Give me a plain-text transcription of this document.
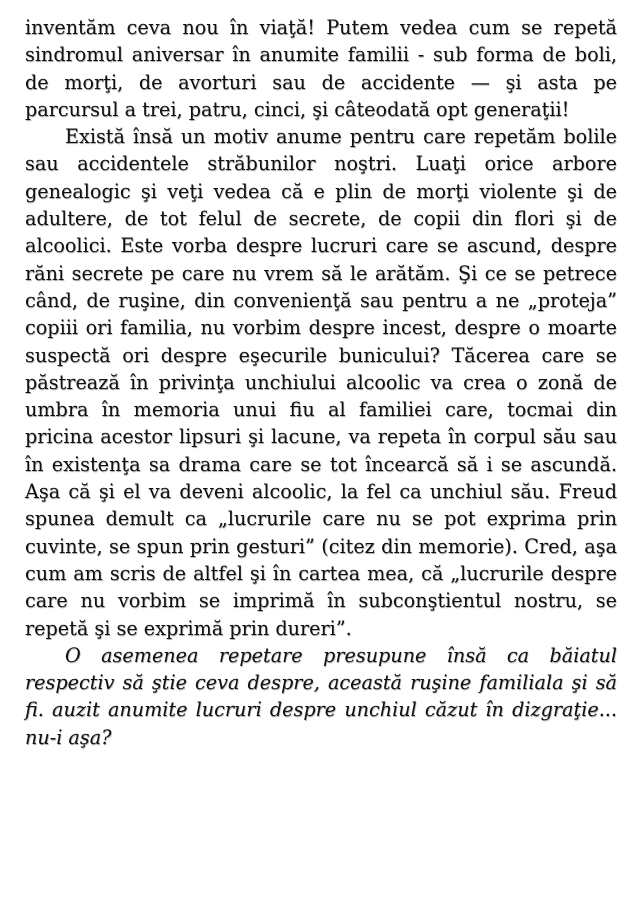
inventăm ceva nou în viaţă! Putem vedea cum se repetă sindromul aniversar în anumite familii - sub forma de boli, de morţi, de avorturi sau de accidente — şi asta pe parcursul a trei, patru, cinci, şi câteodată opt generaţii!

Există însă un motiv anume pentru care repetăm bolile sau accidentele străbunilor noştri. Luaţi orice arbore genealogic şi veţi vedea că e plin de morţi violente şi de adultere, de tot felul de secrete, de copii din flori şi de alcoolici. Este vorba despre lucruri care se ascund, despre răni secrete pe care nu vrem să le arătăm. Şi ce se petrece când, de ruşine, din convenienţă sau pentru a ne „proteja” copiii ori familia, nu vorbim despre incest, despre o moarte suspectă ori despre eşecurile bunicului? Tăcerea care se păstrează în privinţa unchiului alcoolic va crea o zonă de umbra în memoria unui fiu al familiei care, tocmai din pricina acestor lipsuri şi lacune, va repeta în corpul său sau în existenţa sa drama care se tot încearcă să i se ascundă. Aşa că şi el va deveni alcoolic, la fel ca unchiul său. Freud spunea demult ca „lucrurile care nu se pot exprima prin cuvinte, se spun prin gesturi” (citez din memorie). Cred, aşa cum am scris de altfel şi în cartea mea, că „lucrurile despre care nu vorbim se imprimă în subconştientul nostru, se repetă şi se exprimă prin dureri”.

O asemenea repetare presupune însă ca băiatul respectiv să ştie ceva despre, această ruşine familiala şi să fi. auzit anumite lucruri despre unchiul căzut în dizgraţie... nu-i aşa?
